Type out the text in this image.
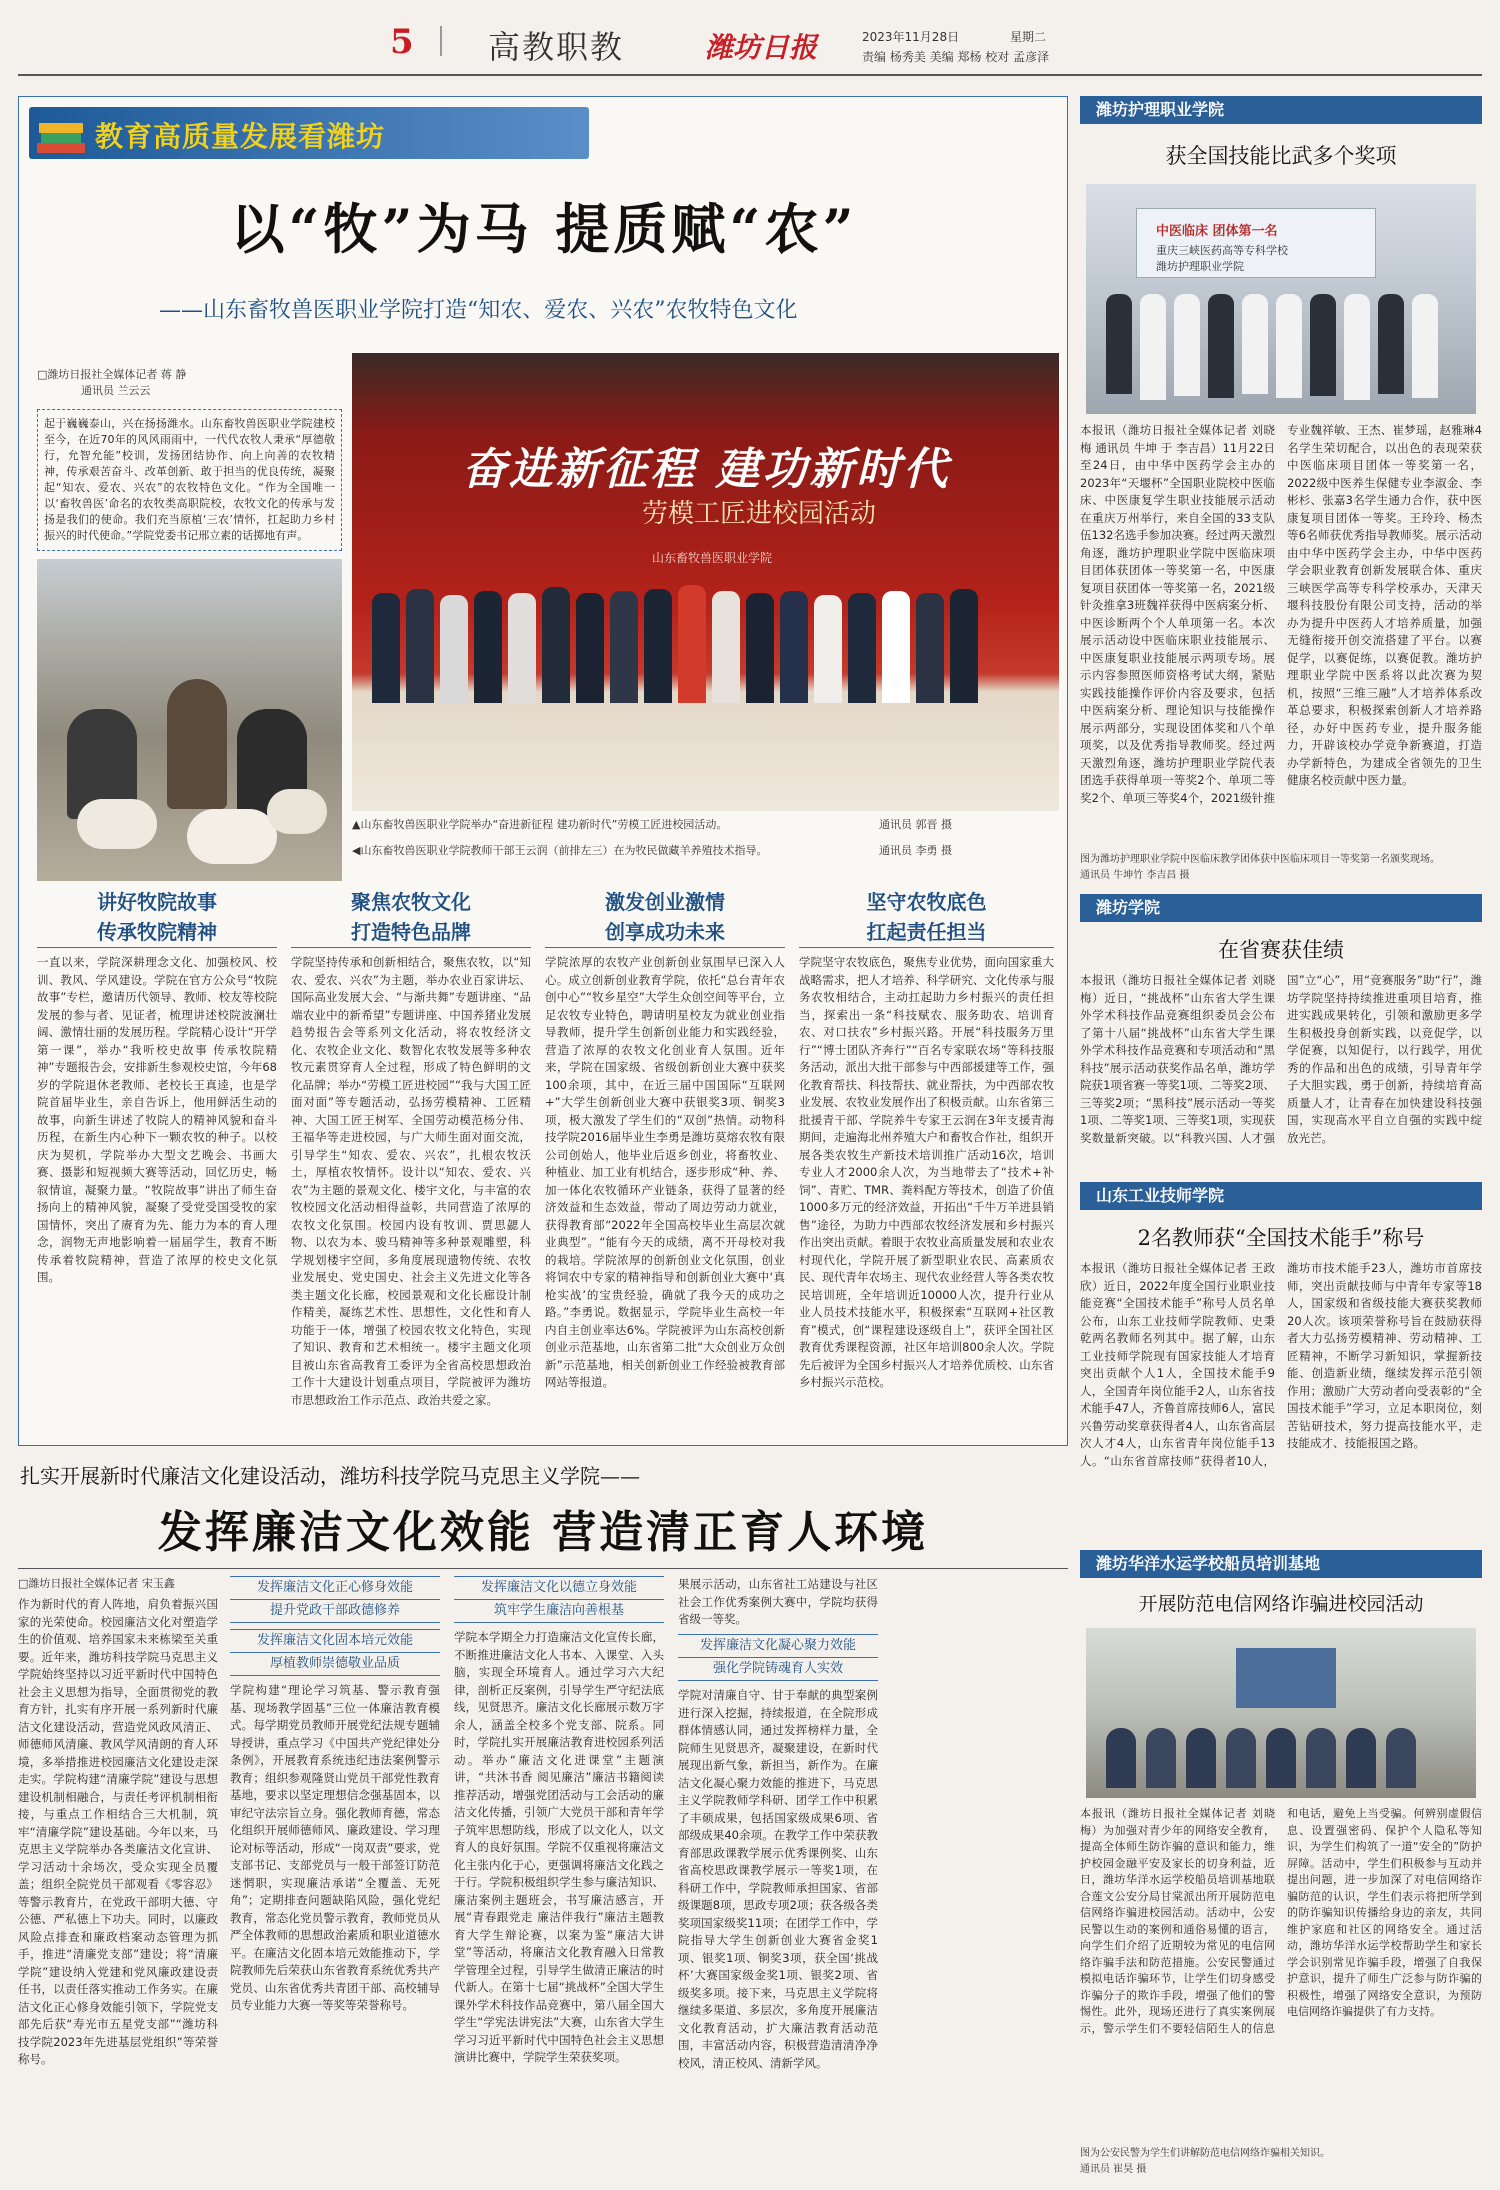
5 高教职教	潍坊日报	2023年11月28日	星期二
责编 杨秀美 美编 郑杨 校对 孟彦泽
教育高质量发展看潍坊
以“牧”为马 提质赋“农”
——山东畜牧兽医职业学院打造“知农、爱农、兴农”农牧特色文化
□潍坊日报社全媒体记者 蒋 静
通讯员 兰云云
起于巍巍泰山，兴在扬扬潍水。山东畜牧兽医职业学院建校至今，在近70年的风风雨雨中，一代代农牧人秉承“厚德敬行，允智允能”校训，发扬团结协作、向上向善的农牧精神，传承艰苦奋斗、改革创新、敢于担当的优良传统，凝聚起“知农、爱农、兴农”的农牧特色文化。“作为全国唯一以‘畜牧兽医’命名的农牧类高职院校，农牧文化的传承与发扬是我们的使命。我们充当原植‘三农’情怀，扛起助力乡村振兴的时代使命。”学院党委书记邢立素的话掷地有声。
奋进新征程 建功新时代
劳模工匠进校园活动
山东畜牧兽医职业学院
▲山东畜牧兽医职业学院举办“奋进新征程 建功新时代”劳模工匠进校园活动。	通讯员 郭晋 摄
◀山东畜牧兽医职业学院教师干部王云润（前排左三）在为牧民做藏羊养殖技术指导。	通讯员 李勇 摄
讲好牧院故事
传承牧院精神
一直以来，学院深耕理念文化、加强校风、校训、教风、学风建设。学院在官方公众号“牧院故事”专栏，邀请历代领导、教师、校友等校院发展的参与者、见证者，梳理讲述校院波澜壮阔、激情壮丽的发展历程。学院精心设计“开学第一课”，举办“我听校史故事 传承牧院精神”专题报告会，安排新生参观校史馆，今年68岁的学院退休老教师、老校长王真逵，也是学院首届毕业生，亲自告诉上，他用鲜活生动的故事，向新生讲述了牧院人的精神风貌和奋斗历程，在新生内心种下一颗农牧的种子。以校庆为契机，学院举办大型文艺晚会、书画大赛、摄影和短视频大赛等活动，回忆历史，畅叙情谊，凝聚力量。“牧院故事”讲出了师生奋扬向上的精神风貌，凝聚了受党受国受牧的家国情怀，突出了赓育为先、能力为本的育人理念，润物无声地影响着一届届学生，教育不断传承着牧院精神，营造了浓厚的校史文化氛围。
聚焦农牧文化
打造特色品牌
学院坚持传承和创新相结合，聚焦农牧，以“知农、爱农、兴农”为主题，举办农业百家讲坛、国际高业发展大会、“与渐共舞”专题讲座、“品端农业中的新希望”专题讲座、中国养猪业发展趋势报告会等系列文化活动，将农牧经济文化、农牧企业文化、数智化农牧发展等多种农牧元素贯穿育人全过程，形成了特色鲜明的文化品牌；举办“劳模工匠进校园”“我与大国工匠面对面”等专题活动，弘扬劳模精神、工匠精神、大国工匠王树军、全国劳动模范杨分伟、王福华等走进校园，与广大师生面对面交流，引导学生“知农、爱农、兴农”，扎根农牧沃土，厚植农牧情怀。设计以“知农、爱农、兴农”为主题的景观文化、楼宇文化，与丰富的农牧校园文化活动相得益彰，共同营造了浓厚的农牧文化氛围。校园内设有牧训、贾思勰人物、以农为本、骏马精神等多种景观雕塑，科学规划楼宇空间，多角度展现遗物传统、农牧业发展史、党史国史、社会主义先进文化等各类主题文化长廊，校园景观和文化长廊设计制作精美，凝练艺术性、思想性，文化性和育人功能于一体，增强了校园农牧文化特色，实现了知识、教育和艺术相统一。楼宇主题文化项目被山东省高教育工委评为全省高校思想政治工作十大建设计划重点项目，学院被评为潍坊市思想政治工作示范点、政治共爱之家。
激发创业激情
创享成功未来
学院浓厚的农牧产业创新创业氛围早已深入人心。成立创新创业教育学院，依托“总台青年农创中心”“牧乡星空”大学生众创空间等平台，立足农牧专业特色，聘请明星校友为就业创业指导教师，提升学生创新创业能力和实践经验，营造了浓厚的农牧文化创业育人氛围。近年来，学院在国家级、省级创新创业大赛中获奖100余项，其中，在近三届中国国际“互联网+”大学生创新创业大赛中获银奖3项、铜奖3项，极大激发了学生们的“双创”热情。动物科技学院2016届毕业生李勇是潍坊莫熔农牧有限公司创始人，他毕业后返乡创业，将畜牧业、种植业、加工业有机结合，逐步形成“种、养、加一体化农牧循环产业链条，获得了显著的经济效益和生态效益，带动了周边劳动力就业，获得教育部“2022年全国高校毕业生高层次就业典型”。“能有今天的成绩，离不开母校对我的栽培。学院浓厚的创新创业文化氛围，创业将饲农中专家的精神指导和创新创业大赛中‘真枪实战’的宝贵经验，确就了我今天的成功之路。”李勇说。数据显示，学院毕业生高校一年内自主创业率达6%。学院被评为山东高校创新创业示范基地，山东省第二批“大众创业万众创新”示范基地，相关创新创业工作经验被教育部网站等报道。
坚守农牧底色
扛起责任担当
学院坚守农牧底色，聚焦专业优势，面向国家重大战略需求，把人才培养、科学研究、文化传承与服务农牧相结合，主动扛起助力乡村振兴的责任担当，探索出一条“科技赋农、服务助农、培训育农、对口扶农”乡村振兴路。开展“科技服务万里行”“博士团队齐奔行”“百名专家联农场”等科技服务活动，派出大批干部参与中西部援建等工作，强化教育帮扶、科技帮扶、就业帮扶，为中西部农牧业发展、农牧业发展作出了积极贡献。山东省第三批援青干部、学院养牛专家王云润在3年支援青海期间，走遍海北州养殖大户和畜牧合作社，组织开展各类农牧生产新技术培训推广活动16次，培训专业人才2000余人次，为当地带去了“技术+补饲”、青贮、TMR、粪料配方等技术，创造了价值1000多万元的经济效益，开拓出“千牛万羊进县销售”途径，为助力中西部农牧经济发展和乡村振兴作出突出贡献。着眼于农牧业高质量发展和农业农村现代化，学院开展了新型职业农民、高素质农民、现代青年农场主、现代农业经营人等各类农牧民培训班，全年培训近10000人次，提升行业从业人员技术技能水平，积极探索“互联网+社区教育”模式，创“课程建设逐级自上”，获评全国社区教育优秀课程资源，社区年培训800余人次。学院先后被评为全国乡村振兴人才培养优质校、山东省乡村振兴示范校。
扎实开展新时代廉洁文化建设活动，潍坊科技学院马克思主义学院——
发挥廉洁文化效能 营造清正育人环境
□潍坊日报社全媒体记者 宋玉鑫
作为新时代的育人阵地，肩负着振兴国家的光荣使命。校园廉洁文化对塑造学生的价值观、培养国家未来栋梁至关重要。近年来，潍坊科技学院马克思主义学院始终坚持以习近平新时代中国特色社会主义思想为指导，全面贯彻党的教育方针，扎实有序开展一系列新时代廉洁文化建设活动，营造党风政风清正、师德师风清廉、教风学风清朗的育人环境，多举措推进校园廉洁文化建设走深走实。学院构建“清廉学院”建设与思想建设机制相融合，与责任考评机制相衔接，与重点工作相结合三大机制，筑牢“清廉学院”建设基础。今年以来，马克思主义学院举办各类廉洁文化宣讲、学习活动十余场次，受众实现全员覆盖；组织全院党员干部观看《零容忍》等警示教育片，在党政干部明大德、守公德、严私德上下功夫。同时，以廉政风险点排查和廉政档案动态管理为抓手，推进“清廉党支部”建设；将“清廉学院”建设纳入党建和党风廉政建设责任书，以责任落实推动工作务实。在廉洁文化正心修身效能引领下，学院党支部先后获“寿光市五星党支部”“潍坊科技学院2023年先进基层党组织”等荣誉称号。
发挥廉洁文化正心修身效能
提升党政干部政德修养
发挥廉洁文化固本培元效能
厚植教师崇德敬业品质
学院构建“理论学习筑基、警示教育强基、现场教学固基”三位一体廉洁教育模式。每学期党员教师开展党纪法规专题辅导授讲，重点学习《中国共产党纪律处分条例》，开展教育系统违纪违法案例警示教育；组织参观隆贤山党员干部党性教育基地，要求以坚定理想信念强基固本，以审纪守法宗旨立身。强化教师育德，常态化组织开展师德师风、廉政建设、学习理论对标等活动，形成“一岗双责”要求，党支部书记、支部党员与一般干部签订防范迷惘职，实现廉洁承诺“全覆盖、无死角”；定期排查问题缺陷风险，强化党纪教育，常态化党员警示教育，教师党员从严全体教师的思想政治素质和职业道德水平。在廉洁文化固本培元效能推动下，学院教师先后荣获山东省教育系统优秀共产党员、山东省优秀共青团干部、高校辅导员专业能力大赛一等奖等荣誉称号。
发挥廉洁文化以德立身效能
筑牢学生廉洁向善根基
学院本学期全力打造廉洁文化宣传长廊，不断推进廉洁文化人书本、入课堂、入头脑，实现全环境育人。通过学习六大纪律，剖析正反案例，引导学生严守纪法底线，见贤思齐。廉洁文化长廊展示数万字余人，涵盖全校多个党支部、院系。同时，学院扎实开展廉洁教育进校园系列活动。举办“廉洁文化进课堂”主题演讲，“共沐书香 阅见廉洁”廉洁书籍阅读推荐活动，增强党团活动与工会活动的廉洁文化传播，引领广大党员干部和青年学子筑牢思想防线，形成了以文化人，以文育人的良好氛围。学院不仅重视将廉洁文化主张内化于心，更强调将廉洁文化践之于行。学院积极组织学生参与廉洁知识、廉洁案例主题班会，书写廉洁感言，开展“青春跟党走 廉洁伴我行”廉洁主题教育大学生辩论赛，以案为鉴“廉洁大讲堂”等活动，将廉洁文化教育融入日常教学管理全过程，引导学生做清正廉洁的时代新人。在第十七届“挑战杯”全国大学生课外学术科技作品竞赛中，第八届全国大学生“学宪法讲宪法”大赛，山东省大学生学习习近平新时代中国特色社会主义思想演讲比赛中，学院学生荣获奖项。
果展示活动，山东省社工站建设与社区社会工作优秀案例大赛中，学院均获得省级一等奖。
发挥廉洁文化凝心聚力效能
强化学院铸魂育人实效
学院对清廉自守、甘于奉献的典型案例进行深入挖掘，持续报道，在全院形成群体情感认同，通过发挥榜样力量，全院师生见贤思齐，凝聚建设，在新时代展现出新气象，新担当，新作为。在廉洁文化凝心聚力效能的推进下，马克思主义学院教师学科研、团学工作中积累了丰硕成果，包括国家级成果6项、省部级成果40余项。在教学工作中荣获教育部思政课教学展示优秀课例奖、山东省高校思政课教学展示一等奖1项，在科研工作中，学院教师承担国家、省部级课题8项，思政专项2项；获各级各类奖项国家级奖11项；在团学工作中，学院指导大学生创新创业大赛省金奖1项、银奖1项、铜奖3项，获全国‘挑战杯’大赛国家级金奖1项、银奖2项、省级奖多项。接下来，马克思主义学院将继续多渠道、多层次，多角度开展廉洁文化教育活动，扩大廉洁教育活动范围，丰富活动内容，积极营造清清净净校风，清正校风、清新学风。
潍坊护理职业学院
获全国技能比武多个奖项
中医临床 团体第一名
重庆三峡医药高等专科学校
潍坊护理职业学院
本报讯（潍坊日报社全媒体记者 刘晓梅 通讯员 牛坤 于 李吉昌）11月22日至24日，由中华中医药学会主办的2023年“天堰杯”全国职业院校中医临床、中医康复学生职业技能展示活动在重庆万州举行，来自全国的33支队伍132名选手参加决赛。经过两天激烈角逐，潍坊护理职业学院中医临床项目团体获团体一等奖第一名，中医康复项目获团体一等奖第一名，2021级针灸推拿3班魏祥获得中医病案分析、中医诊断两个个人单项第一名。本次展示活动设中医临床职业技能展示、中医康复职业技能展示两项专场。展示内容参照医师资格考试大纲，紧贴实践技能操作评价内容及要求，包括中医病案分析、理论知识与技能操作展示两部分，实现设团体奖和八个单项奖，以及优秀指导教师奖。经过两天激烈角逐，潍坊护理职业学院代表团选手获得单项一等奖2个、单项二等奖2个、单项三等奖4个，2021级针推专业魏祥敏、王杰、崔梦瑶，赵雅琳4名学生荣切配合，以出色的表现荣获中医临床项目团体一等奖第一名，2022级中医养生保健专业李淑金、李彬杉、张嘉3名学生通力合作，获中医康复项目团体一等奖。王玲玲、杨杰等6名师获优秀指导教师奖。展示活动由中华中医药学会主办，中华中医药学会职业教育创新发展联合体、重庆三峡医学高等专科学校承办，天津天堰科技股份有限公司支持，活动的举办为提升中医药人才培养质量，加强无缝衔接开创交流搭建了平台。以赛促学，以赛促练，以赛促教。潍坊护理职业学院中医系将以此次赛为契机，按照“三维三融”人才培养体系改革总要求，积极探索创新人才培养路径，办好中医药专业，提升服务能力，开辟该校办学竞争新赛道，打造办学新特色，为建成全省领先的卫生健康名校贡献中医力量。
图为潍坊护理职业学院中医临床教学团体获中医临床项目一等奖第一名颁奖现场。
通讯员 牛坤竹 李吉昌 摄
潍坊学院
在省赛获佳绩
本报讯（潍坊日报社全媒体记者 刘晓梅）近日，“挑战杯”山东省大学生课外学术科技作品竞赛组织委员会公布了第十八届“挑战杯”山东省大学生课外学术科技作品竞赛和专项活动和“黑科技”展示活动获奖作品名单，潍坊学院获1项省赛一等奖1项、二等奖2项、三等奖2项；“黑科技”展示活动一等奖1项、二等奖1项、三等奖1项，实现获奖数量新突破。以“科教兴国、人才强国”立“心”，用“竞赛服务”助“行”，潍坊学院坚持持续推进重项目培育，推进实践成果转化，引领和激励更多学生积极投身创新实践，以竞促学，以学促赛，以知促行，以行践学，用优秀的作品和出色的成绩，引导青年学子大胆实践，勇于创新，持续培育高质量人才，让青春在加快建设科技强国，实现高水平自立自强的实践中绽放光芒。
山东工业技师学院
2名教师获“全国技术能手”称号
本报讯（潍坊日报社全媒体记者 王政欣）近日，2022年度全国行业职业技能竞赛“全国技术能手”称号人员名单公布，山东工业技师学院教师、史秉乾两名教师名列其中。据了解，山东工业技师学院现有国家技能人才培育突出贡献个人1人，全国技术能手9人，全国青年岗位能手2人，山东省技术能手47人，齐鲁首席技师6人，富民兴鲁劳动奖章获得者4人，山东省高层次人才4人，山东省青年岗位能手13人。“山东省首席技师”获得者10人，潍坊市技术能手23人，潍坊市首席技师，突出贡献技师与中青年专家等18人，国家级和省级技能大赛获奖教师20人次。该项荣誉称号旨在鼓励获得者大力弘扬劳模精神、劳动精神、工匠精神，不断学习新知识，掌握新技能、创造新业绩，继续发挥示范引领作用；激励广大劳动者向受表彰的“全国技术能手”学习，立足本职岗位，刻苦钻研技术，努力提高技能水平，走技能成才、技能报国之路。
潍坊华洋水运学校船员培训基地
开展防范电信网络诈骗进校园活动
本报讯（潍坊日报社全媒体记者 刘晓梅）为加强对青少年的网络安全教育，提高全体师生防诈骗的意识和能力，维护校园金融平安及家长的切身利益，近日，潍坊华洋水运学校船员培训基地联合莲文公安分局甘棠派出所开展防范电信网络诈骗进校园活动。活动中，公安民警以生动的案例和通俗易懂的语言，向学生们介绍了近期较为常见的电信网络诈骗手法和防范措施。公安民警通过模拟电话诈骗环节，让学生们切身感受诈骗分子的欺诈手段，增强了他们的警惕性。此外，现场还进行了真实案例展示，警示学生们不要轻信陌生人的信息和电话，避免上当受骗。何辨别虚假信息、设置强密码、保护个人隐私等知识，为学生们构筑了一道“安全的”防护屏障。活动中，学生们积极参与互动并提出问题，进一步加深了对电信网络诈骗防范的认识，学生们表示将把所学到的防诈骗知识传播给身边的亲友，共同维护家庭和社区的网络安全。通过活动，潍坊华洋水运学校帮助学生和家长学会识别常见诈骗手段，增强了自我保护意识，提升了师生广泛参与防诈骗的积极性，增强了网络安全意识，为预防电信网络诈骗提供了有力支持。
图为公安民警为学生们讲解防范电信网络诈骗相关知识。
通讯员 崔昊 摄
